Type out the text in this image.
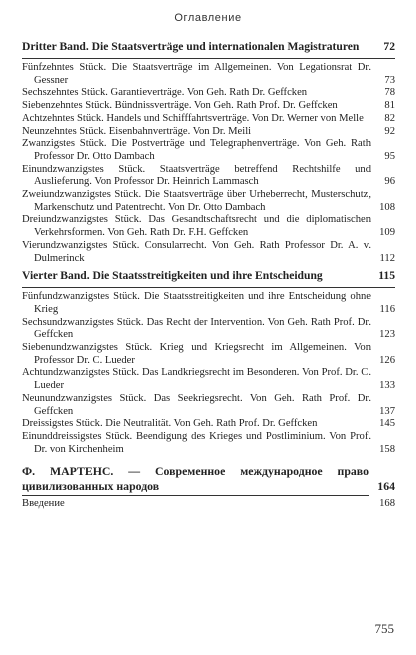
Оглавление
Dritter Band. Die Staatsverträge und internationalen Magistraturen 72
Fünfzehntes Stück. Die Staatsverträge im Allgemeinen. Von Legationsrat Dr. Gessner	73
Sechszehntes Stück. Garantieverträge. Von Geh. Rath Dr. Geffcken	78
Siebenzehntes Stück. Bündnissverträge. Von Geh. Rath Prof. Dr. Geffcken	81
Achtzehntes Stück. Handels und Schifffahrtsverträge. Von Dr. Werner von Melle 82
Neunzehntes Stück. Eisenbahnverträge. Von Dr. Meili	92
Zwanzigstes Stück. Die Postverträge und Telegraphenverträge. Von Geh. Rath Professor Dr. Otto Dambach	95
Einundzwanzigstes Stück. Staatsverträge betreffend Rechtshilfe und Auslieferung. Von Professor Dr. Heinrich Lammasch	96
Zweiundzwanzigstes Stück. Die Staatsverträge über Urheberrecht, Musterschutz, Markenschutz und Patentrecht. Von Dr. Otto Dambach	108
Dreiundzwanzigstes Stück. Das Gesandtschaftsrecht und die diplomatischen Verkehrsformen. Von Geh. Rath Dr. F.H. Geffcken	109
Vierundzwanzigstes Stück. Consularrecht. Von Geh. Rath Professor Dr. A. v. Dulmerinck	112
Vierter Band. Die Staatsstreitigkeiten und ihre Entscheidung	115
Fünfundzwanzigstes Stück. Die Staatsstreitigkeiten und ihre Entscheidung ohne Krieg	116
Sechsundzwanzigstes Stück. Das Recht der Intervention. Von Geh. Rath Prof. Dr. Geffcken	123
Siebenundzwanzigstes Stück. Krieg und Kriegsrecht im Allgemeinen. Von Professor Dr. C. Lueder	126
Achtundzwanzigstes Stück. Das Landkriegsrecht im Besonderen. Von Prof. Dr. C. Lueder	133
Neunundzwanzigstes Stück. Das Seekriegsrecht. Von Geh. Rath Prof. Dr. Geffcken	137
Dreissigstes Stück. Die Neutralität. Von Geh. Rath Prof. Dr. Geffcken	145
Einunddreissigstes Stück. Beendigung des Krieges und Postliminium. Von Prof. Dr. von Kirchenheim	158
Ф. МАРТЕНС. — Современное международное право цивилизованных народов	164
Введение	168
755
